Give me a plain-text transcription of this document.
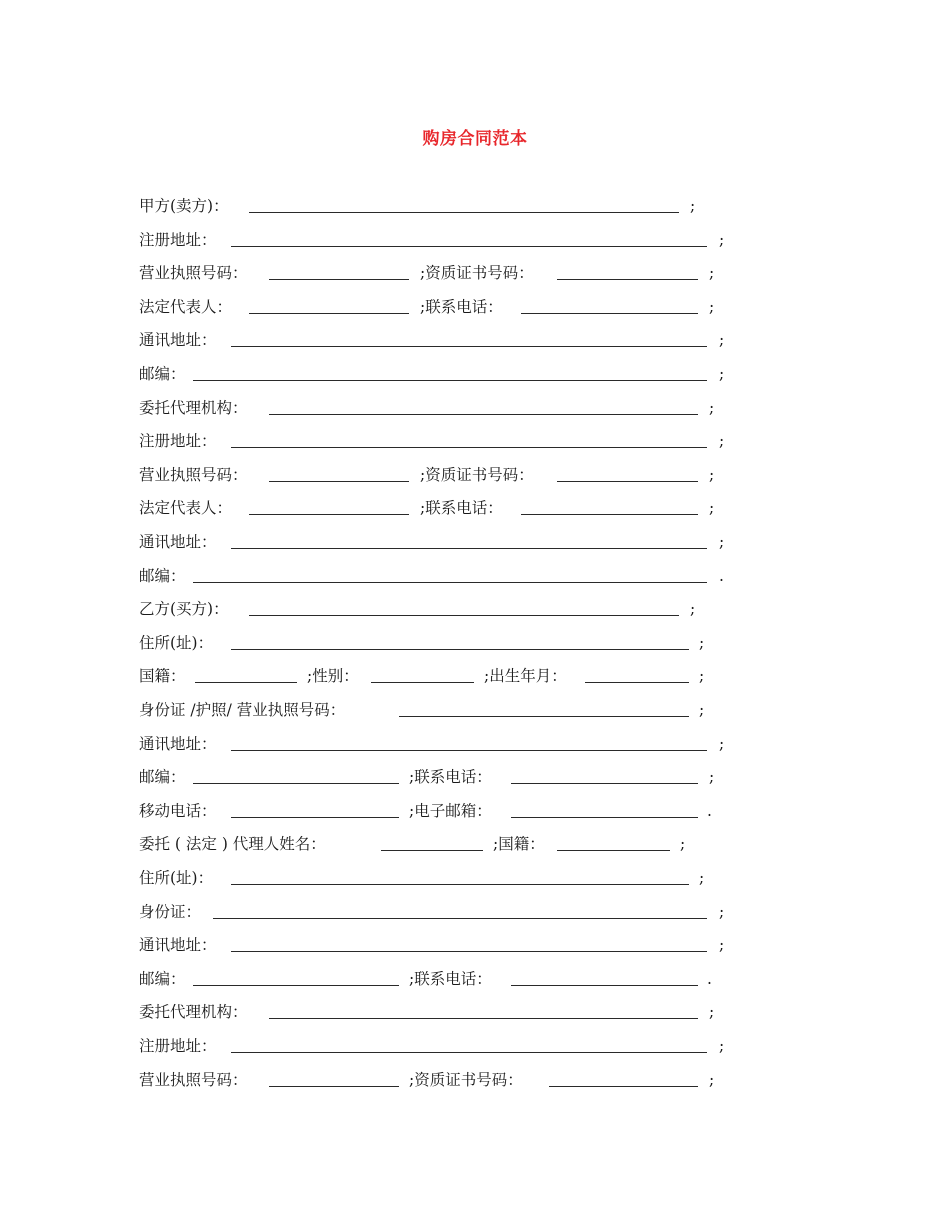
购房合同范本
甲方(卖方)：	;
注册地址：	;
营业执照号码：	;资质证书号码：	;
法定代表人：	;联系电话：	;
通讯地址：	;
邮编：	;
委托代理机构：	;
注册地址：	;
营业执照号码：	;资质证书号码：	;
法定代表人：	;联系电话：	;
通讯地址：	;
邮编：	.
乙方(买方)：	;
住所(址)：	;
国籍：	;性别：	;出生年月：	;
身份证 /护照/ 营业执照号码：	;
通讯地址：	;
邮编：	;联系电话：	;
移动电话：	;电子邮箱：	.
委托 ( 法定 ) 代理人姓名：	;国籍：	;
住所(址)：	;
身份证：	;
通讯地址：	;
邮编：	;联系电话：	.
委托代理机构：	;
注册地址：	;
营业执照号码：	;资质证书号码：	;
